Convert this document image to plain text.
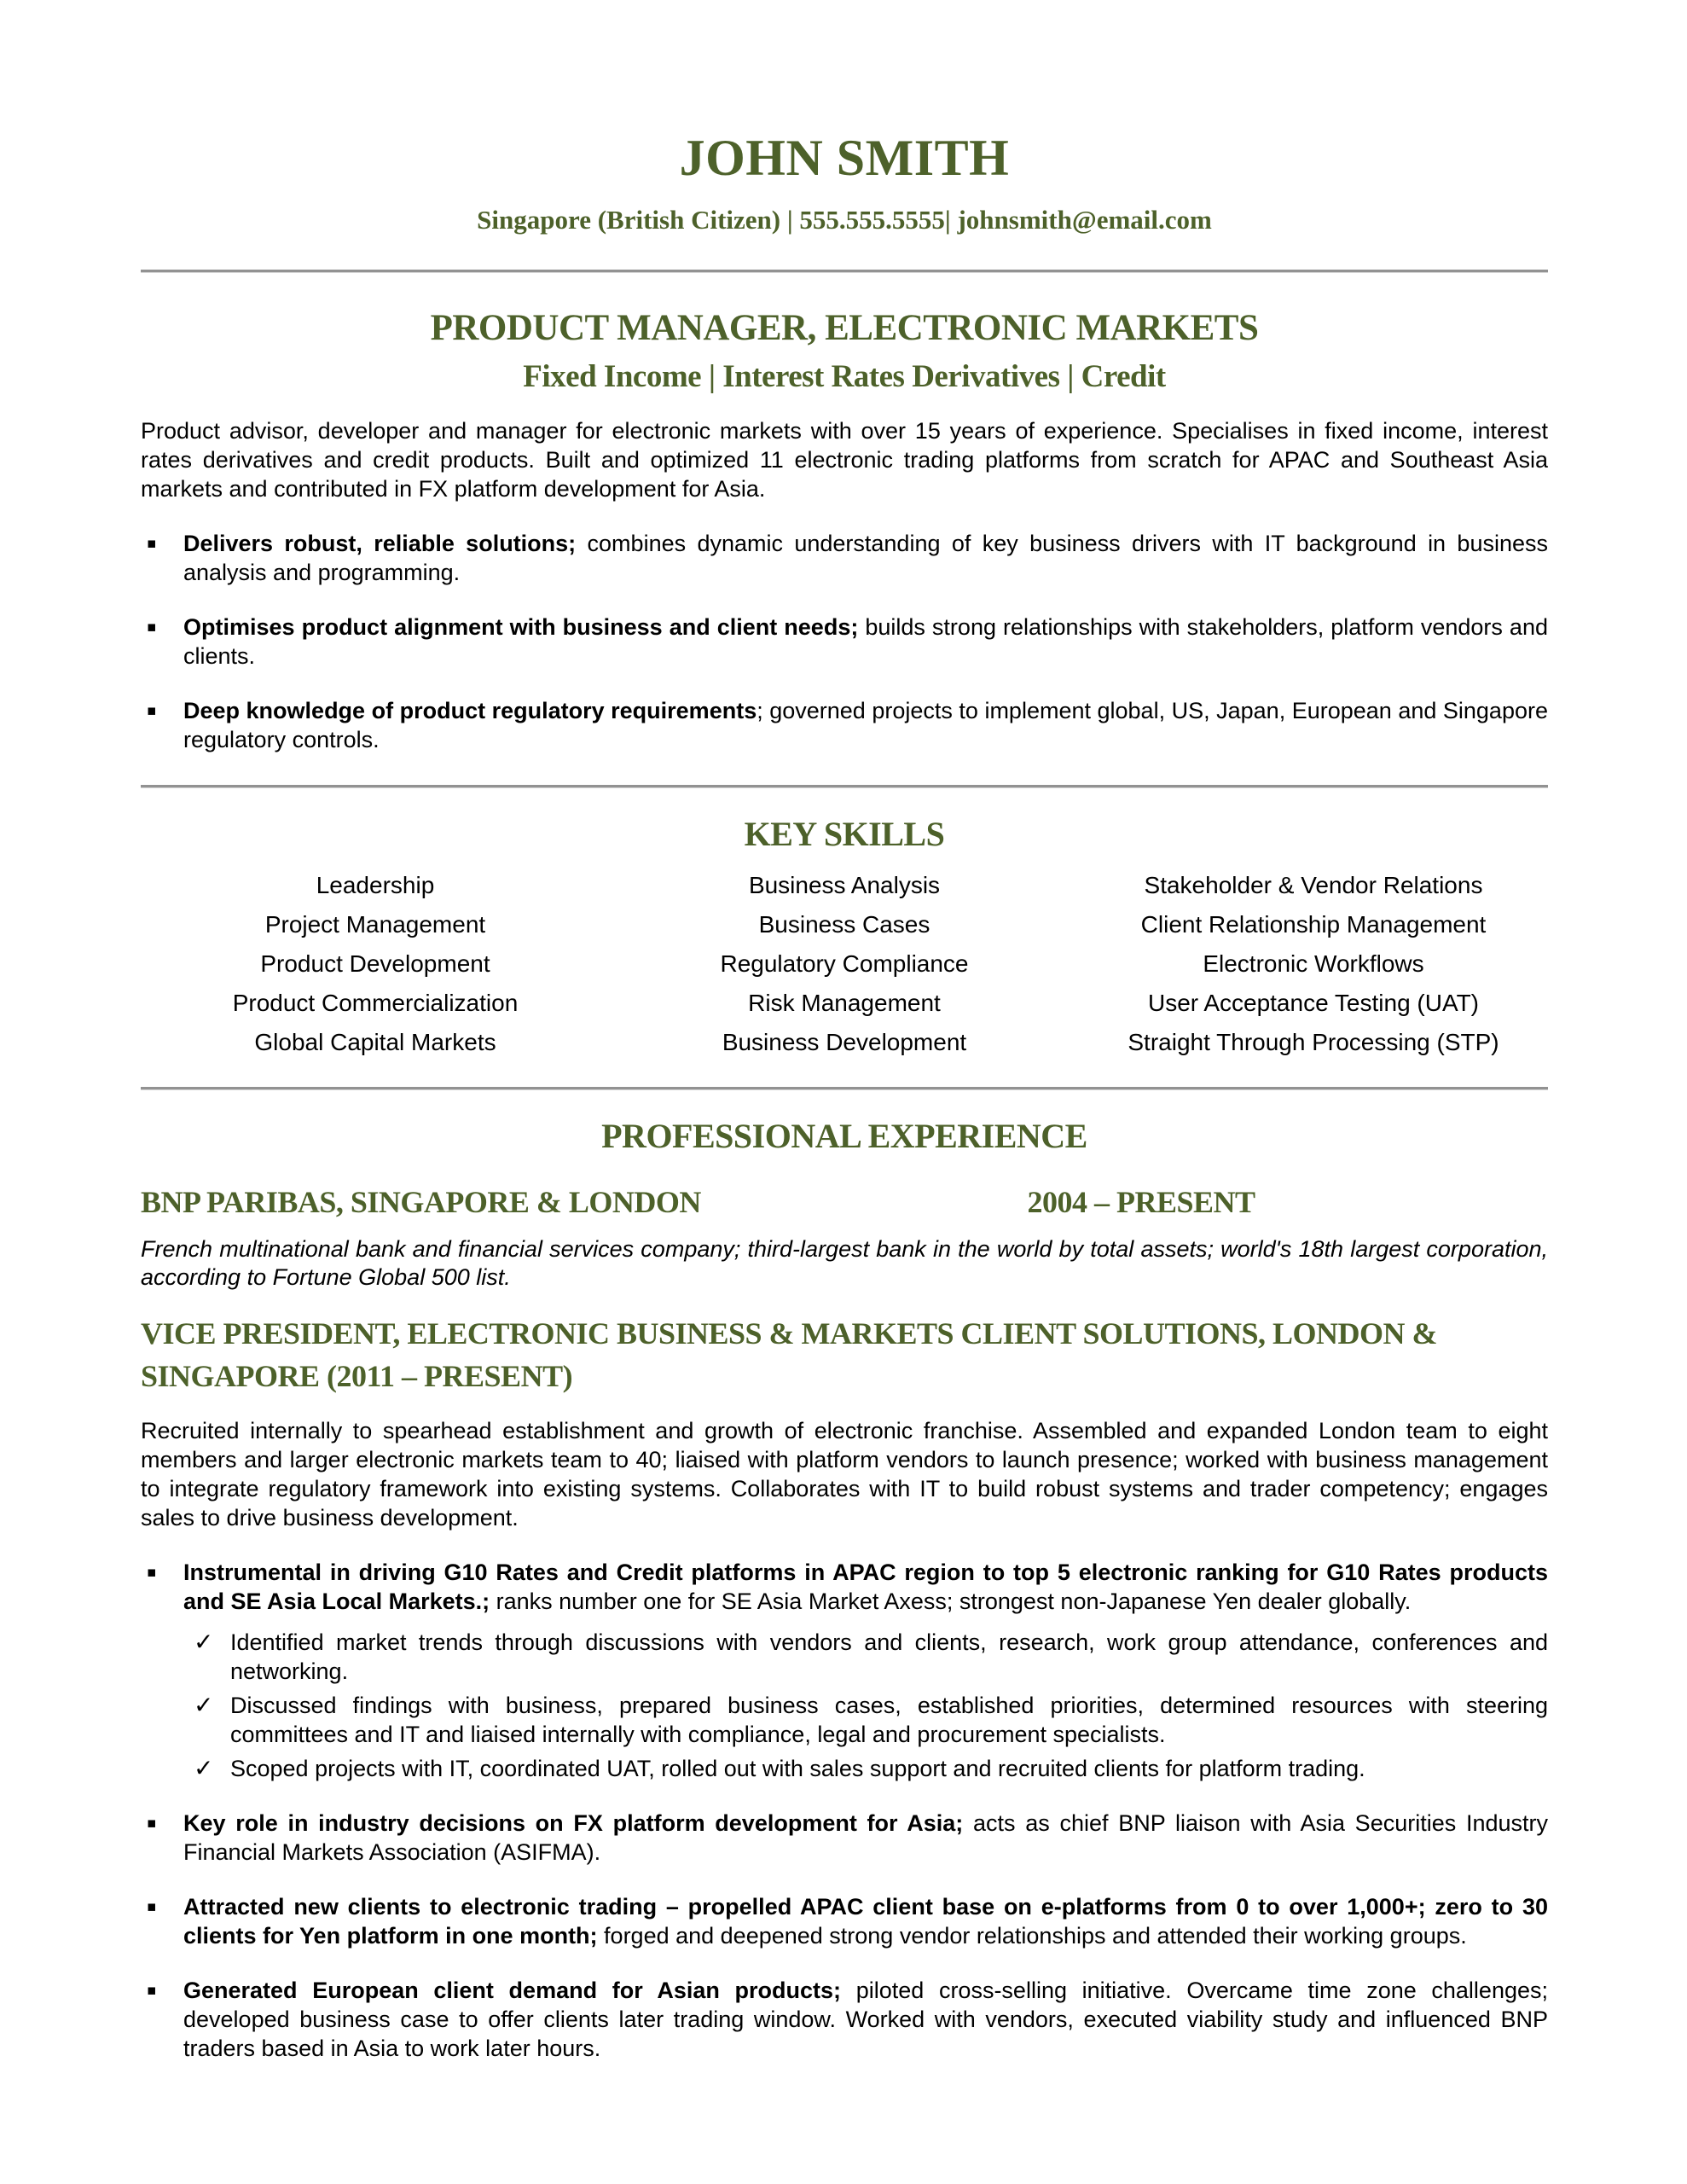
JOHN SMITH
Singapore (British Citizen) | 555.555.5555| johnsmith@email.com
PRODUCT MANAGER, ELECTRONIC MARKETS
Fixed Income | Interest Rates Derivatives | Credit

Product advisor, developer and manager for electronic markets with over 15 years of experience. Specialises in fixed income, interest rates derivatives and credit products. Built and optimized 11 electronic trading platforms from scratch for APAC and Southeast Asia markets and contributed in FX platform development for Asia.

▪ Delivers robust, reliable solutions; combines dynamic understanding of key business drivers with IT background in business analysis and programming.
▪ Optimises product alignment with business and client needs; builds strong relationships with stakeholders, platform vendors and clients.
▪ Deep knowledge of product regulatory requirements; governed projects to implement global, US, Japan, European and Singapore regulatory controls.
KEY SKILLS
Leadership	Business Analysis	Stakeholder & Vendor Relations
Project Management	Business Cases	Client Relationship Management
Product Development	Regulatory Compliance	Electronic Workflows
Product Commercialization	Risk Management	User Acceptance Testing (UAT)
Global Capital Markets	Business Development	Straight Through Processing (STP)
PROFESSIONAL EXPERIENCE
BNP PARIBAS, SINGAPORE & LONDON	2004 – PRESENT

French multinational bank and financial services company; third-largest bank in the world by total assets; world's 18th largest corporation, according to Fortune Global 500 list.

VICE PRESIDENT, ELECTRONIC BUSINESS & MARKETS CLIENT SOLUTIONS, LONDON & SINGAPORE (2011 – PRESENT)

Recruited internally to spearhead establishment and growth of electronic franchise. Assembled and expanded London team to eight members and larger electronic markets team to 40; liaised with platform vendors to launch presence; worked with business management to integrate regulatory framework into existing systems. Collaborates with IT to build robust systems and trader competency; engages sales to drive business development.

▪ Instrumental in driving G10 Rates and Credit platforms in APAC region to top 5 electronic ranking for G10 Rates products and SE Asia Local Markets.; ranks number one for SE Asia Market Axess; strongest non-Japanese Yen dealer globally.
✓ Identified market trends through discussions with vendors and clients, research, work group attendance, conferences and networking.
✓ Discussed findings with business, prepared business cases, established priorities, determined resources with steering committees and IT and liaised internally with compliance, legal and procurement specialists.
✓ Scoped projects with IT, coordinated UAT, rolled out with sales support and recruited clients for platform trading.
▪ Key role in industry decisions on FX platform development for Asia; acts as chief BNP liaison with Asia Securities Industry Financial Markets Association (ASIFMA).
▪ Attracted new clients to electronic trading – propelled APAC client base on e-platforms from 0 to over 1,000+; zero to 30 clients for Yen platform in one month; forged and deepened strong vendor relationships and attended their working groups.
▪ Generated European client demand for Asian products; piloted cross-selling initiative. Overcame time zone challenges; developed business case to offer clients later trading window. Worked with vendors, executed viability study and influenced BNP traders based in Asia to work later hours.
